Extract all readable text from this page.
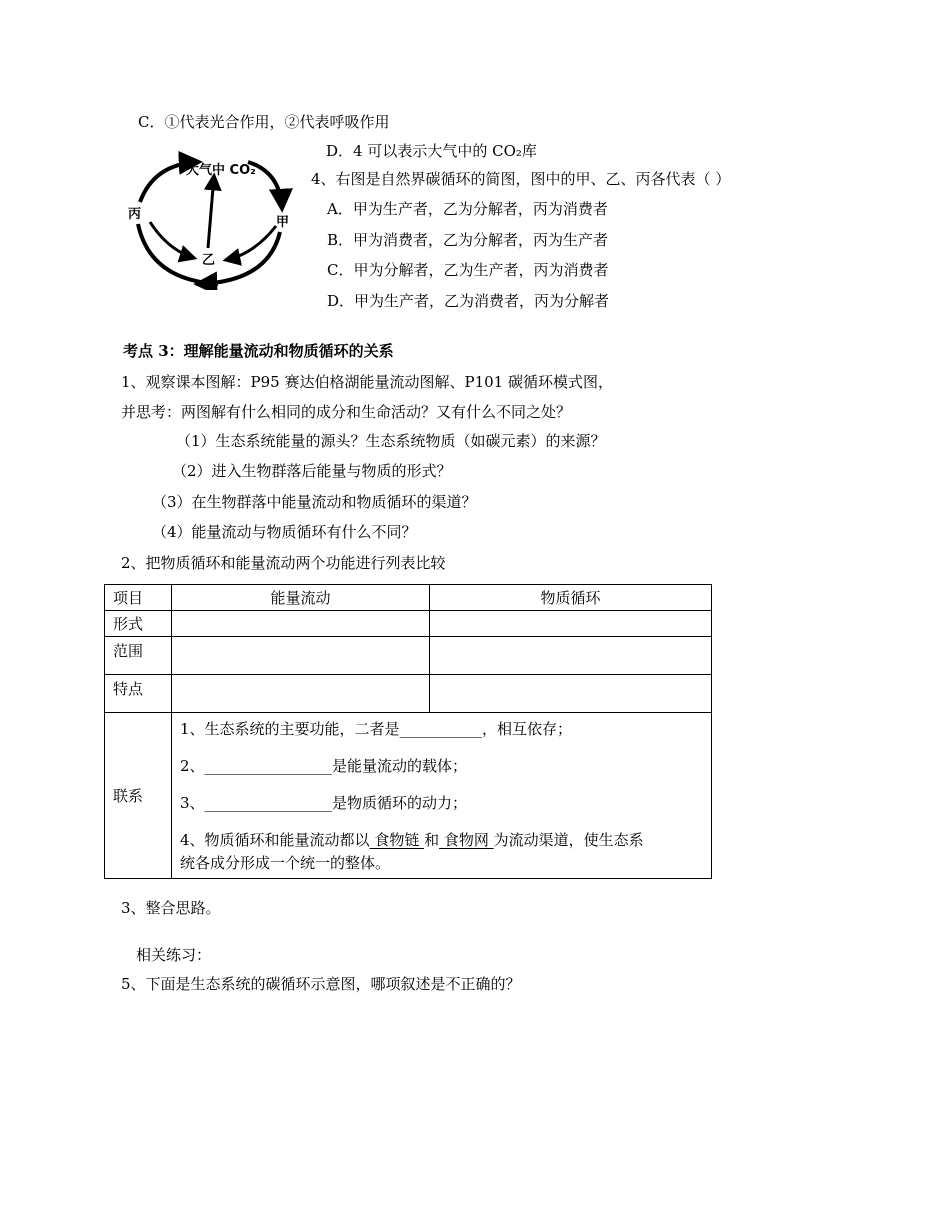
C．①代表光合作用，②代表呼吸作用
D．4 可以表示大气中的 CO₂库
大气中 CO₂
丙
甲
乙
4、右图是自然界碳循环的简图，图中的甲、乙、丙各代表（ ）
A．甲为生产者，乙为分解者，丙为消费者
B．甲为消费者，乙为分解者，丙为生产者
C．甲为分解者，乙为生产者，丙为消费者
D．甲为生产者，乙为消费者，丙为分解者
考点 3：理解能量流动和物质循环的关系
1、观察课本图解：P95 赛达伯格湖能量流动图解、P101 碳循环模式图，
并思考：两图解有什么相同的成分和生命活动？又有什么不同之处？
（1）生态系统能量的源头？生态系统物质（如碳元素）的来源？
（2）进入生物群落后能量与物质的形式？
（3）在生物群落中能量流动和物质循环的渠道？
（4）能量流动与物质循环有什么不同？
2、把物质循环和能量流动两个功能进行列表比较
项目	能量流动	物质循环
形式		
范围		
特点		
联系	1、生态系统的主要功能，二者是___________，相互依存；

2、_________________是能量流动的载体；

3、_________________是物质循环的动力；

4、物质循环和能量流动都以 食物链 和 食物网 为流动渠道，使生态系

统各成分形成一个统一的整体。	

3、整合思路。
相关练习：
5、下面是生态系统的碳循环示意图，哪项叙述是不正确的？
